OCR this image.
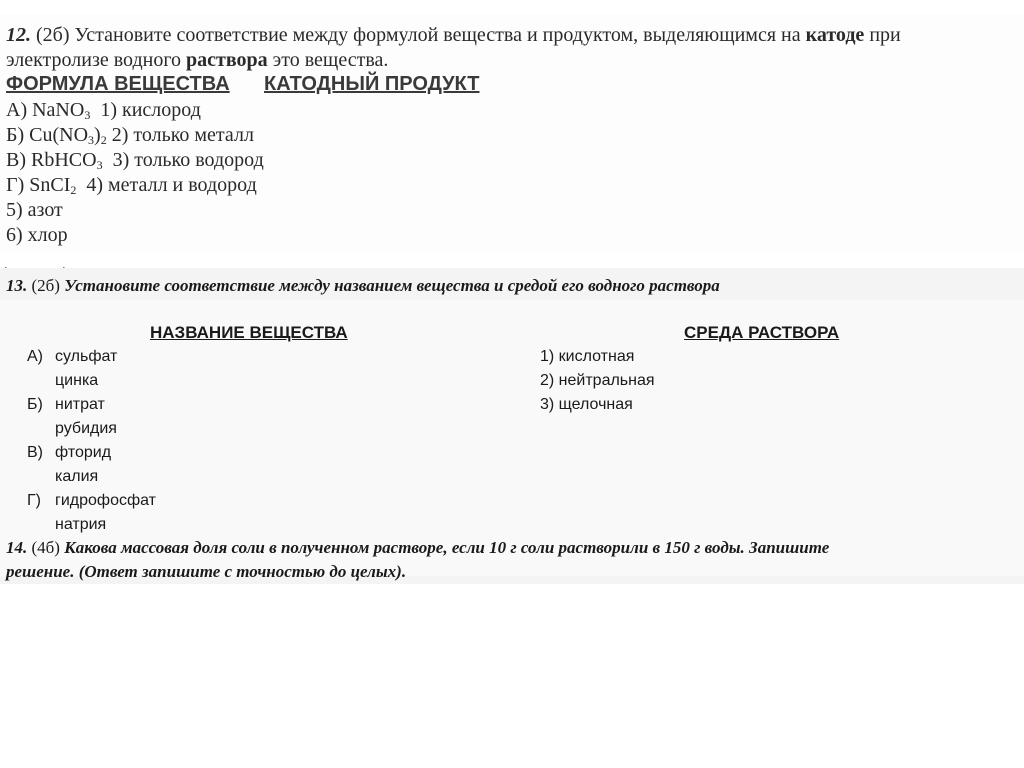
12. (2б) Установите соответствие между формулой вещества и продуктом, выделяющимся на катоде при
электролизе водного раствора это вещества.
ФОРМУЛА ВЕЩЕСТВА КАТОДНЫЙ ПРОДУКТ
А) NaNO3 1) кислород
Б) Cu(NO3)2 2) только металл
В) RbHCO3 3) только водород
Г) SnCI2 4) металл и водород
5) азот
6) хлор
·	·
13. (2б) Установите соответствие между названием вещества и средой его водного раствора
НАЗВАНИЕ ВЕЩЕСТВА	СРЕДА РАСТВОРА
А) сульфат
цинка
Б) нитрат
рубидия
В) фторид
калия
Г) гидрофосфат
натрия
1) кислотная
2) нейтральная
3) щелочная
14. (4б) Какова массовая доля соли в полученном растворе, если 10 г соли растворили в 150 г воды. Запишите
решение. (Ответ запишите с точностью до целых).
